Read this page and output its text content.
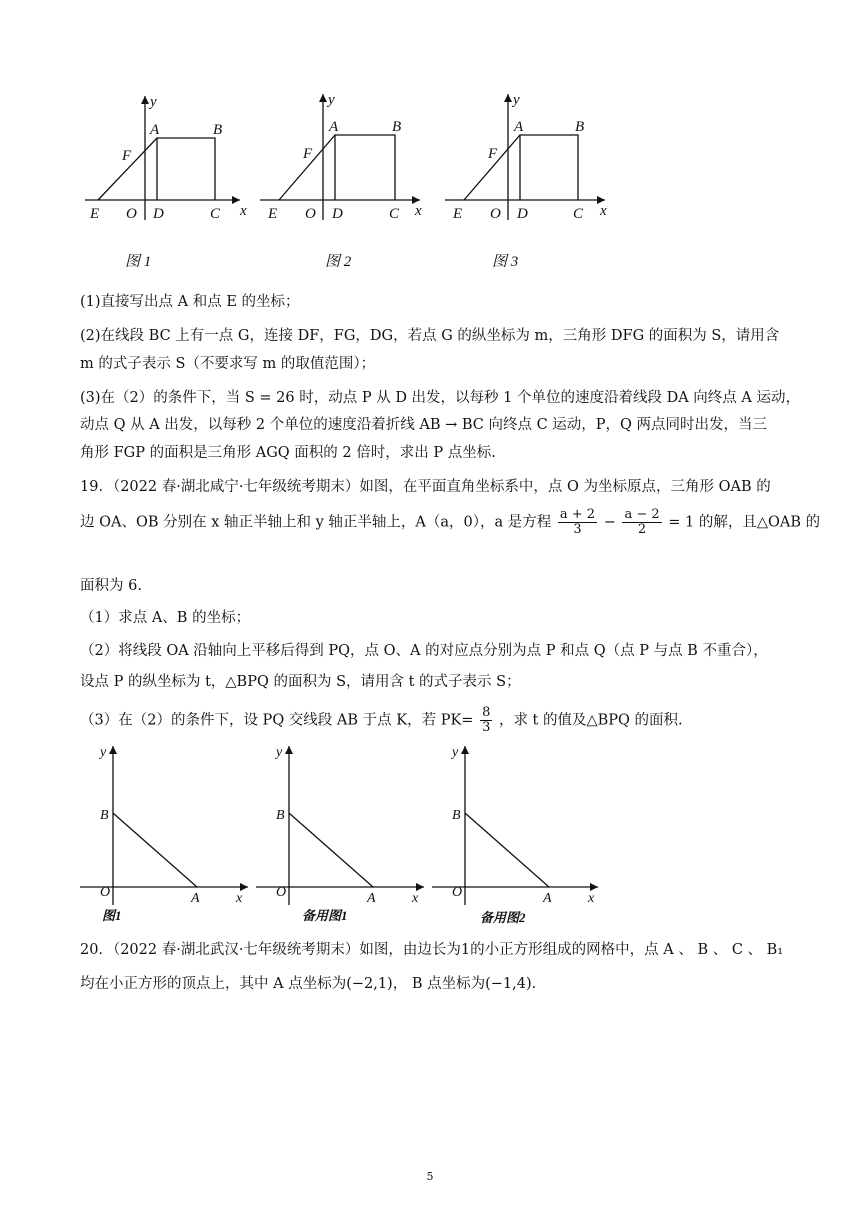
y
A	B
F
E O D	C x
图 1
y
A	B
F
E O D	C x
图 2
y
A	B
F
E O D	C x
图 3
(1)直接写出点 A 和点 E 的坐标；
(2)在线段 BC 上有一点 G，连接 DF，FG，DG，若点 G 的纵坐标为 m，三角形 DFG 的面积为 S，请用含
m 的式子表示 S（不要求写 m 的取值范围）；
(3)在（2）的条件下，当 S = 26 时，动点 P 从 D 出发，以每秒 1 个单位的速度沿着线段 DA 向终点 A 运动，
动点 Q 从 A 出发，以每秒 2 个单位的速度沿着折线 AB → BC 向终点 C 运动，P，Q 两点同时出发，当三
角形 FGP 的面积是三角形 AGQ 面积的 2 倍时，求出 P 点坐标.
19．（2022 春·湖北咸宁·七年级统考期末）如图，在平面直角坐标系中，点 O 为坐标原点，三角形 OAB 的
边 OA、OB 分别在 x 轴正半轴上和 y 轴正半轴上，A（a，0），a 是方程 $\frac{a + 2}{3} - \frac{a - 2}{2} = 1$ 的解，且△OAB 的
面积为 6.
（1）求点 A、B 的坐标；
（2）将线段 OA 沿轴向上平移后得到 PQ，点 O、A 的对应点分别为点 P 和点 Q（点 P 与点 B 不重合），
设点 P 的纵坐标为 t，△BPQ 的面积为 S，请用含 t 的式子表示 S；
（3）在（2）的条件下，设 PQ 交线段 AB 于点 K，若 $PK= \frac{8}{3}$ ，求 t 的值及△BPQ 的面积.
y
B
O	A	x
图1
y
B
O	A	x
备用图1
y
B
O	A	x
备用图2
20．（2022 春·湖北武汉·七年级统考期末）如图，由边长为1的小正方形组成的网格中，点 A 、 B 、 C 、 B₁
均在小正方形的顶点上，其中 A 点坐标为(−2,1)， B 点坐标为(−1,4).
5
